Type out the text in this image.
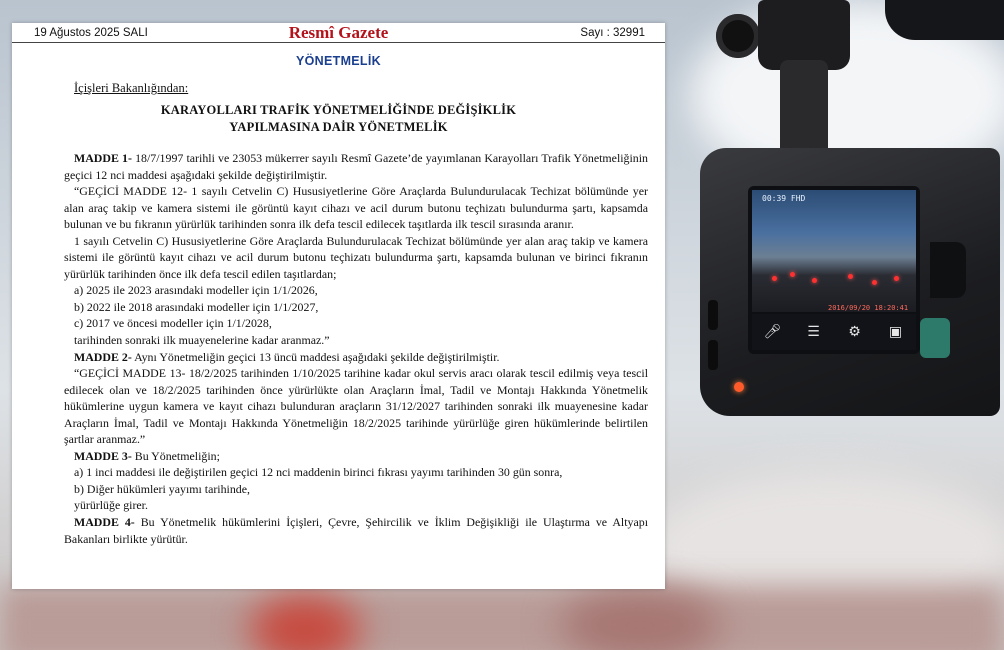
00:39 FHD
2016/09/20 18:20:41
🎤︎	☰	⚙	▣
19 Ağustos 2025 SALI	Resmî Gazete	Sayı : 32991
YÖNETMELİK
İçişleri Bakanlığından:
KARAYOLLARI TRAFİK YÖNETMELİĞİNDE DEĞİŞİKLİK
YAPILMASINA DAİR YÖNETMELİK

MADDE 1- 18/7/1997 tarihli ve 23053 mükerrer sayılı Resmî Gazete’de yayımlanan Karayolları Trafik Yönetmeliğinin geçici 12 nci maddesi aşağıdaki şekilde değiştirilmiştir.

“GEÇİCİ MADDE 12- 1 sayılı Cetvelin C) Hususiyetlerine Göre Araçlarda Bulundurulacak Techizat bölümünde yer alan araç takip ve kamera sistemi ile görüntü kayıt cihazı ve acil durum butonu teçhizatı bulundurma şartı, kapsamda bulunan ve bu fıkranın yürürlük tarihinden sonra ilk defa tescil edilecek taşıtlarda ilk tescil sırasında aranır.

1 sayılı Cetvelin C) Hususiyetlerine Göre Araçlarda Bulundurulacak Techizat bölümünde yer alan araç takip ve kamera sistemi ile görüntü kayıt cihazı ve acil durum butonu teçhizatı bulundurma şartı, kapsamda bulunan ve birinci fıkranın yürürlük tarihinden önce ilk defa tescil edilen taşıtlardan;

a) 2025 ile 2023 arasındaki modeller için 1/1/2026,

b) 2022 ile 2018 arasındaki modeller için 1/1/2027,

c) 2017 ve öncesi modeller için 1/1/2028,

tarihinden sonraki ilk muayenelerine kadar aranmaz.”

MADDE 2- Aynı Yönetmeliğin geçici 13 üncü maddesi aşağıdaki şekilde değiştirilmiştir.

“GEÇİCİ MADDE 13- 18/2/2025 tarihinden 1/10/2025 tarihine kadar okul servis aracı olarak tescil edilmiş veya tescil edilecek olan ve 18/2/2025 tarihinden önce yürürlükte olan Araçların İmal, Tadil ve Montajı Hakkında Yönetmelik hükümlerine uygun kamera ve kayıt cihazı bulunduran araçların 31/12/2027 tarihinden sonraki ilk muayenesine kadar Araçların İmal, Tadil ve Montajı Hakkında Yönetmeliğin 18/2/2025 tarihinde yürürlüğe giren hükümlerinde belirtilen şartlar aranmaz.”

MADDE 3- Bu Yönetmeliğin;

a) 1 inci maddesi ile değiştirilen geçici 12 nci maddenin birinci fıkrası yayımı tarihinden 30 gün sonra,

b) Diğer hükümleri yayımı tarihinde,

yürürlüğe girer.

MADDE 4- Bu Yönetmelik hükümlerini İçişleri, Çevre, Şehircilik ve İklim Değişikliği ile Ulaştırma ve Altyapı Bakanları birlikte yürütür.
